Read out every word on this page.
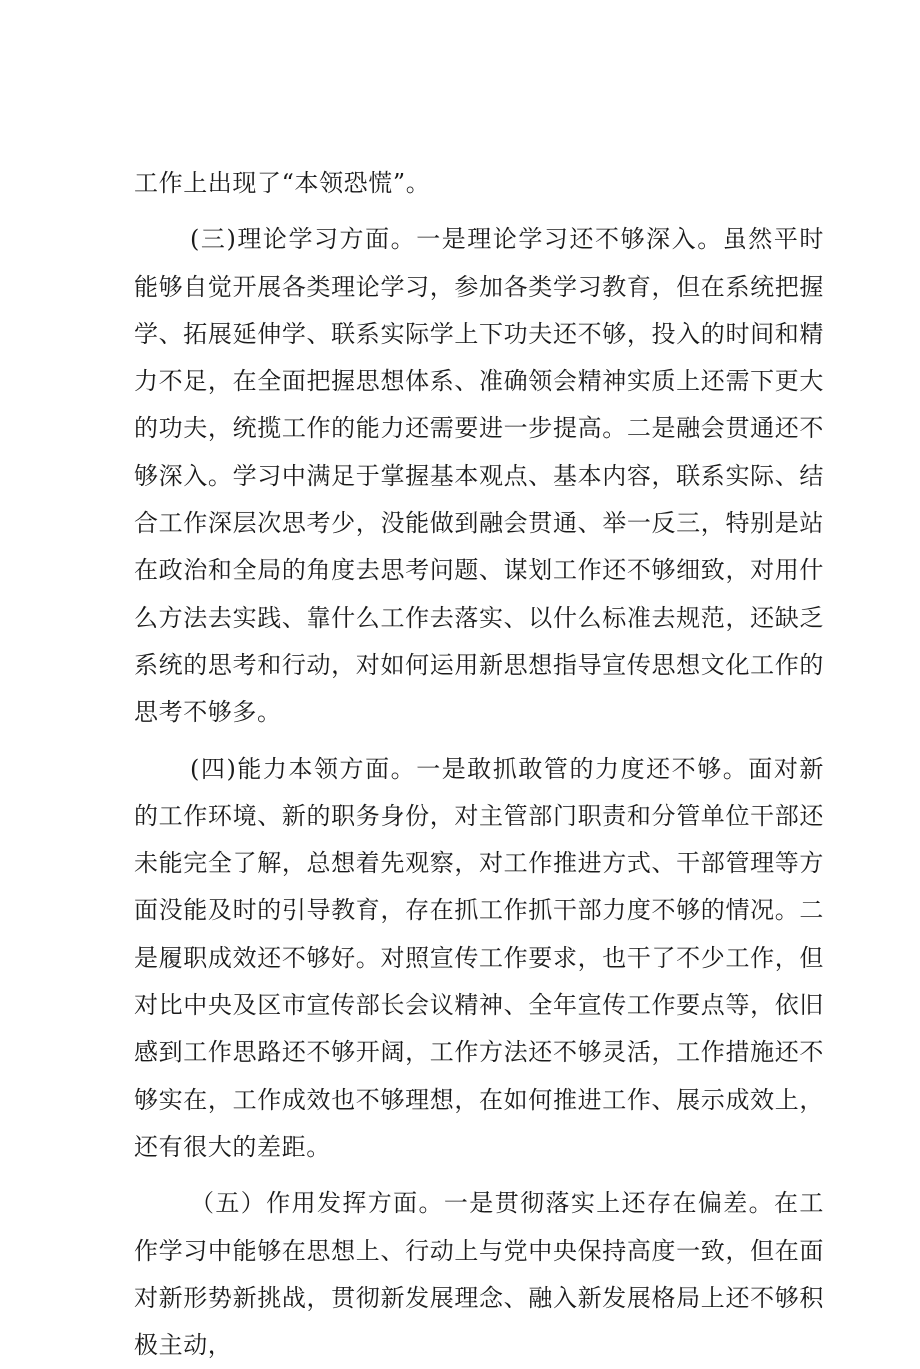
工作上出现了“本领恐慌”。

(三)理论学习方面。一是理论学习还不够深入。虽然平时能够自觉开展各类理论学习，参加各类学习教育，但在系统把握学、拓展延伸学、联系实际学上下功夫还不够，投入的时间和精力不足，在全面把握思想体系、准确领会精神实质上还需下更大的功夫，统揽工作的能力还需要进一步提高。二是融会贯通还不够深入。学习中满足于掌握基本观点、基本内容，联系实际、结合工作深层次思考少，没能做到融会贯通、举一反三，特别是站在政治和全局的角度去思考问题、谋划工作还不够细致，对用什么方法去实践、靠什么工作去落实、以什么标准去规范，还缺乏系统的思考和行动，对如何运用新思想指导宣传思想文化工作的思考不够多。

(四)能力本领方面。一是敢抓敢管的力度还不够。面对新的工作环境、新的职务身份，对主管部门职责和分管单位干部还未能完全了解，总想着先观察，对工作推进方式、干部管理等方面没能及时的引导教育，存在抓工作抓干部力度不够的情况。二是履职成效还不够好。对照宣传工作要求，也干了不少工作，但对比中央及区市宣传部长会议精神、全年宣传工作要点等，依旧感到工作思路还不够开阔，工作方法还不够灵活，工作措施还不够实在，工作成效也不够理想，在如何推进工作、展示成效上，还有很大的差距。

（五）作用发挥方面。一是贯彻落实上还存在偏差。在工作学习中能够在思想上、行动上与党中央保持高度一致，但在面对新形势新挑战，贯彻新发展理念、融入新发展格局上还不够积极主动，
